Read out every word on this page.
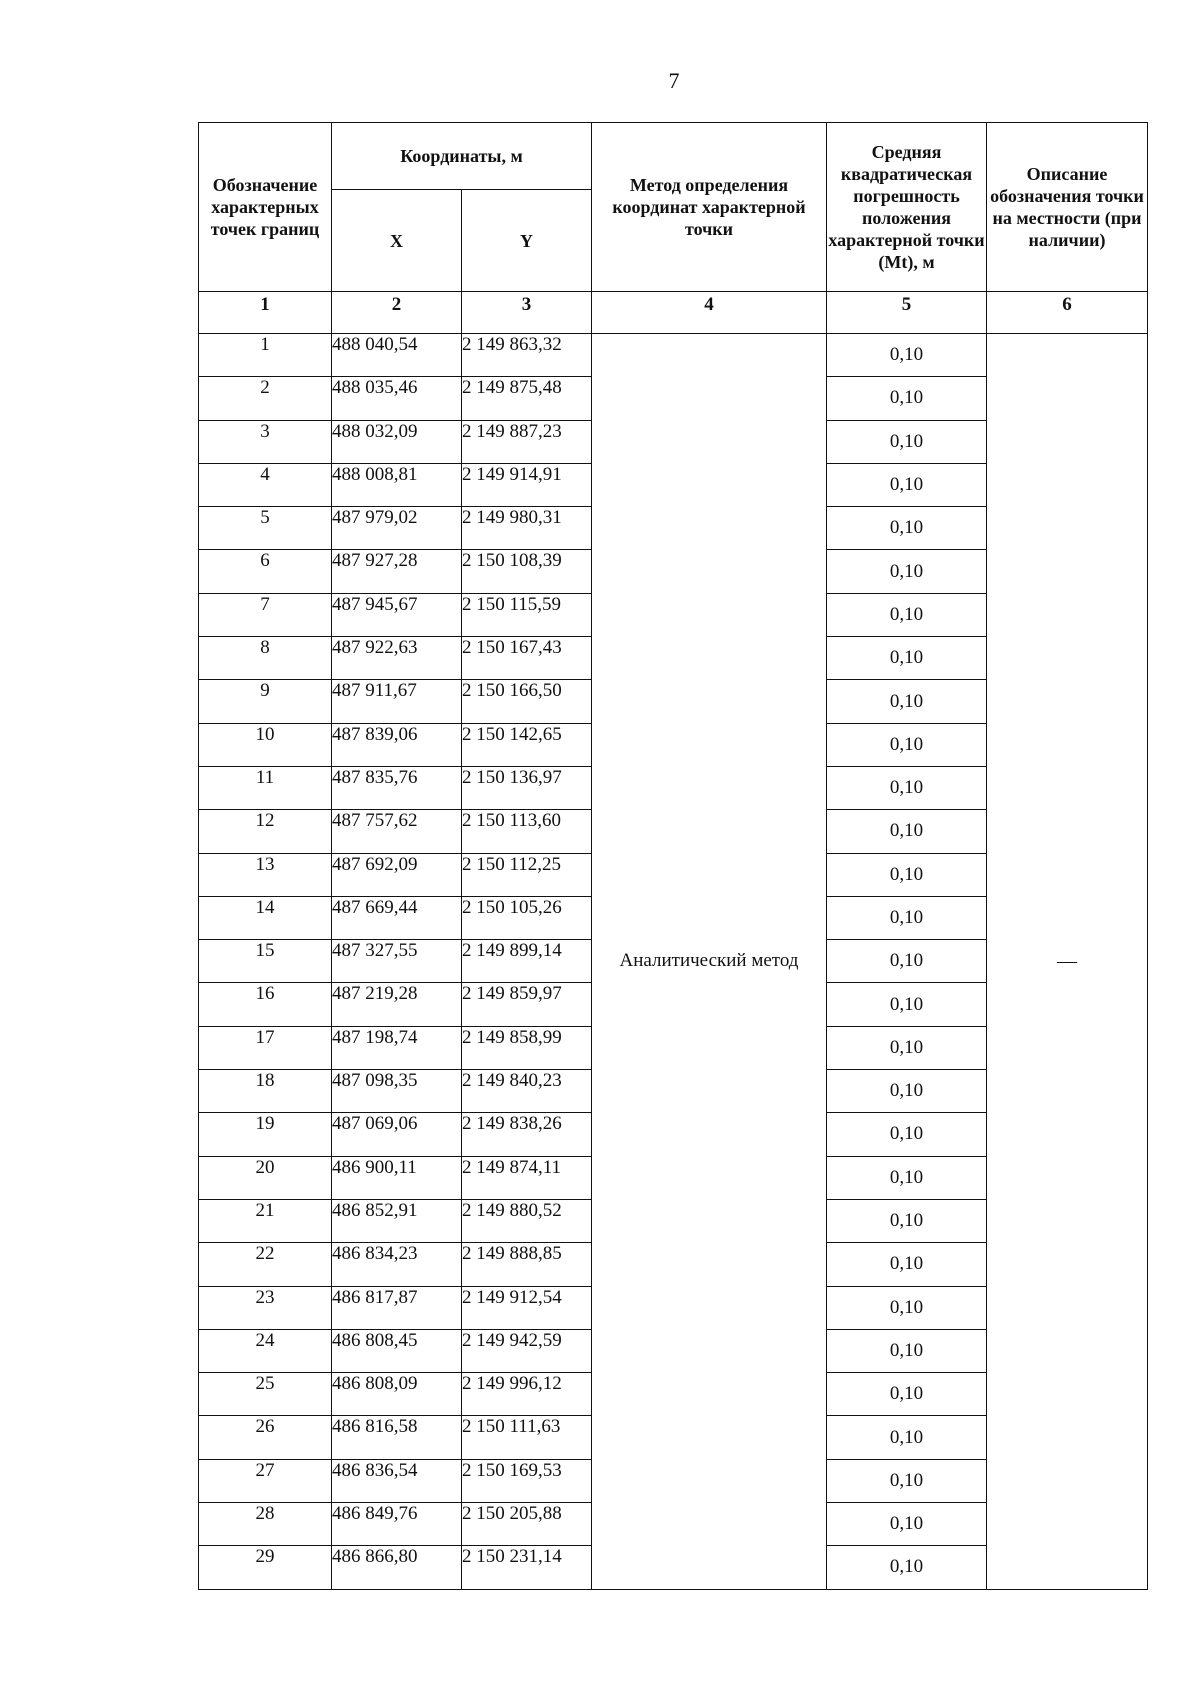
7
Обозначение характерных точек границ	Координаты, м		Метод определения координат характерной точки	Средняя квадратическая погрешность положения характерной точки (Mt), м	Описание обозначения точки на местности (при наличии)
	X	Y			
1	2	3	4	5	6
1	488 040,54	2 149 863,32	Аналитический метод	0,10	—
2	488 035,46	2 149 875,48		0,10	
3	488 032,09	2 149 887,23		0,10	
4	488 008,81	2 149 914,91		0,10	
5	487 979,02	2 149 980,31		0,10	
6	487 927,28	2 150 108,39		0,10	
7	487 945,67	2 150 115,59		0,10	
8	487 922,63	2 150 167,43		0,10	
9	487 911,67	2 150 166,50		0,10	
10	487 839,06	2 150 142,65		0,10	
11	487 835,76	2 150 136,97		0,10	
12	487 757,62	2 150 113,60		0,10	
13	487 692,09	2 150 112,25		0,10	
14	487 669,44	2 150 105,26		0,10	
15	487 327,55	2 149 899,14		0,10	
16	487 219,28	2 149 859,97		0,10	
17	487 198,74	2 149 858,99		0,10	
18	487 098,35	2 149 840,23		0,10	
19	487 069,06	2 149 838,26		0,10	
20	486 900,11	2 149 874,11		0,10	
21	486 852,91	2 149 880,52		0,10	
22	486 834,23	2 149 888,85		0,10	
23	486 817,87	2 149 912,54		0,10	
24	486 808,45	2 149 942,59		0,10	
25	486 808,09	2 149 996,12		0,10	
26	486 816,58	2 150 111,63		0,10	
27	486 836,54	2 150 169,53		0,10	
28	486 849,76	2 150 205,88		0,10	
29	486 866,80	2 150 231,14		0,10	
